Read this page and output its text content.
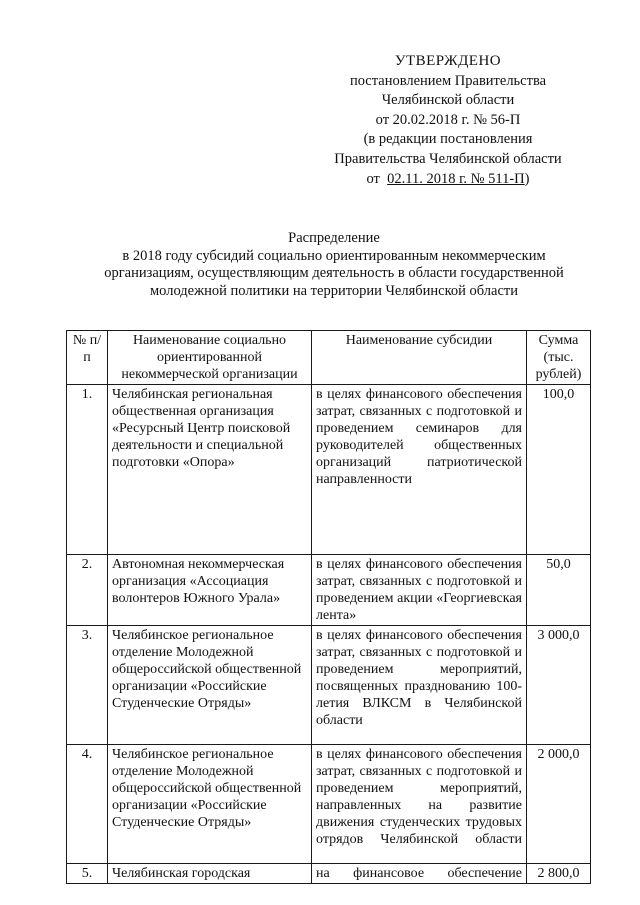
УТВЕРЖДЕНО
постановлением Правительства
Челябинской области
от 20.02.2018 г. № 56-П
(в редакции постановления
Правительства Челябинской области
от 02.11. 2018 г. № 511-П)
Распределение
в 2018 году субсидий социально ориентированным некоммерческим организациям, осуществляющим деятельность в области государственной молодежной политики на территории Челябинской области
№ п/п	Наименование социально ориентированной некоммерческой организации	Наименование субсидии	Сумма (тыс. рублей)
1.	Челябинская региональная общественная организация «Ресурсный Центр поисковой деятельности и специальной подготовки «Опора»	в целях финансового обеспечения затрат, связанных с подготовкой и проведением семинаров для руководителей общественных организаций патриотической направленности	100,0
2.	Автономная некоммерческая организация «Ассоциация волонтеров Южного Урала»	в целях финансового обеспечения затрат, связанных с подготовкой и проведением акции «Георгиевская лента»	50,0
3.	Челябинское региональное отделение Молодежной общероссийской общественной организации «Российские Студенческие Отряды»	в целях финансового обеспечения затрат, связанных с подготовкой и проведением мероприятий, посвященных празднованию 100-летия ВЛКСМ в Челябинской области	3 000,0
4.	Челябинское региональное отделение Молодежной общероссийской общественной организации «Российские Студенческие Отряды»	в целях финансового обеспечения затрат, связанных с подготовкой и проведением мероприятий, направленных на развитие движения студенческих трудовых отрядов Челябинской области	2 000,0
5.	Челябинская городская	на финансовое обеспечение	2 800,0
